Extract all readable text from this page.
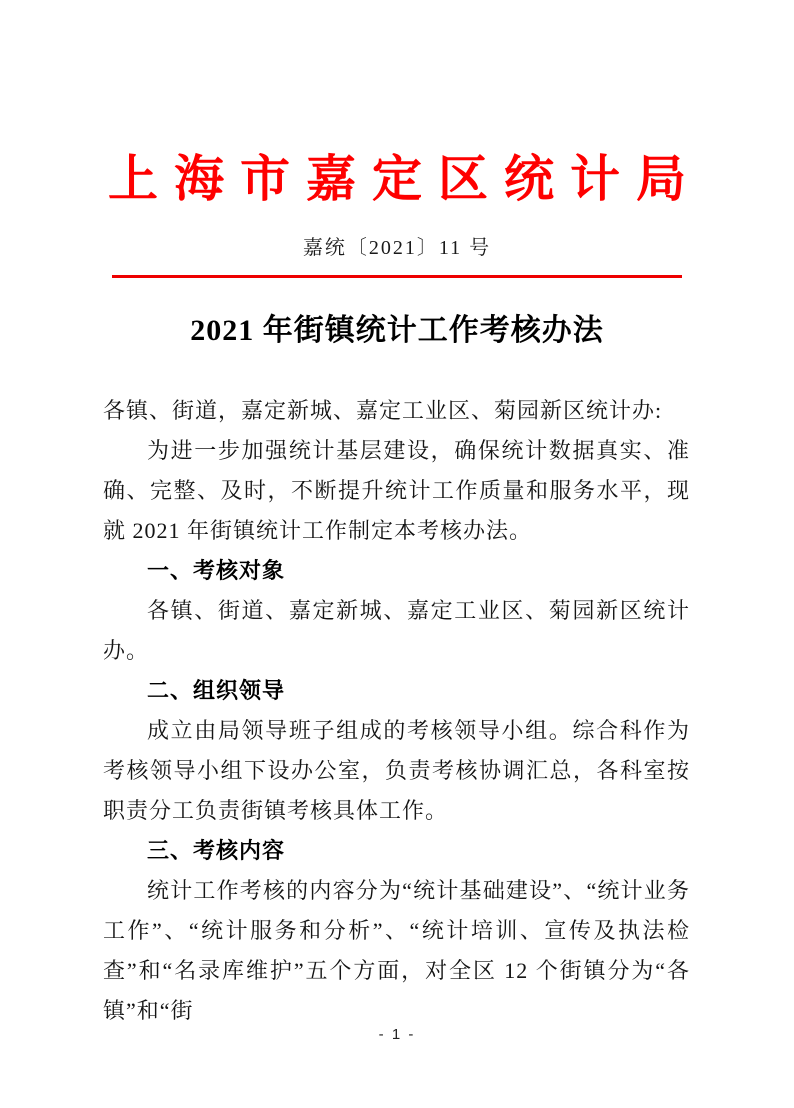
上海市嘉定区统计局
嘉统〔2021〕11 号
2021 年街镇统计工作考核办法

各镇、街道，嘉定新城、嘉定工业区、菊园新区统计办:

为进一步加强统计基层建设，确保统计数据真实、准确、完整、及时，不断提升统计工作质量和服务水平，现就 2021 年街镇统计工作制定本考核办法。

一、考核对象

各镇、街道、嘉定新城、嘉定工业区、菊园新区统计办。

二、组织领导

成立由局领导班子组成的考核领导小组。综合科作为考核领导小组下设办公室，负责考核协调汇总，各科室按职责分工负责街镇考核具体工作。

三、考核内容

统计工作考核的内容分为“统计基础建设”、“统计业务工作”、“统计服务和分析”、“统计培训、宣传及执法检查”和“名录库维护”五个方面，对全区 12 个街镇分为“各镇”和“街

- 1 -
